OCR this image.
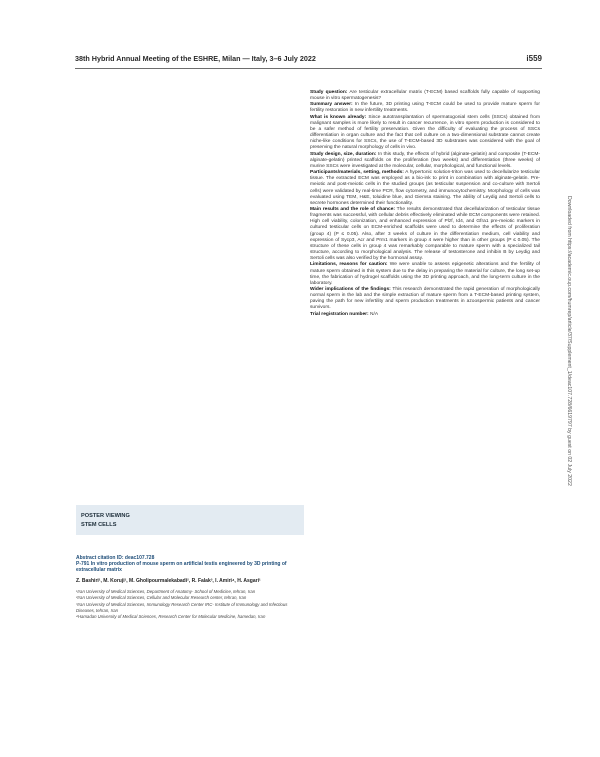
38th Hybrid Annual Meeting of the ESHRE, Milan — Italy, 3–6 July 2022	i559

Study question: Are testicular extracellular matrix (T-ECM) based scaffolds fully capable of supporting mouse in vitro spermatogenesis?

Summary answer: In the future, 3D printing using T-ECM could be used to provide mature sperm for fertility restoration in new infertility treatments.

What is known already: Since autotransplantation of spermatogonial stem cells (SSCs) obtained from malignant samples is more likely to result in cancer recurrence, in vitro sperm production is considered to be a safer method of fertility preservation. Given the difficulty of evaluating the process of SSCs differentiation in organ culture and the fact that cell culture on a two-dimensional substrate cannot create niche-like conditions for SSCs, the use of T-ECM-based 3D substrates was considered with the goal of preserving the natural morphology of cells in vivo.

Study design, size, duration: In this study, the effects of hybrid (alginate-gelatin) and composite (T-ECM-alginate-gelatin) printed scaffolds on the proliferation (two weeks) and differentiation (three weeks) of murine SSCs were investigated at the molecular, cellular, morphological, and functional levels.

Participants/materials, setting, methods: A hypertonic solution-triton was used to decellularize testicular tissue. The extracted ECM was employed as a bio-ink to print in combination with alginate-gelatin. Pre-meiotic and post-meiotic cells in the studied groups (as testicular suspension and co-culture with Sertoli cells) were validated by real-time PCR, flow cytometry, and immunocytochemistry. Morphology of cells was evaluated using TEM, H&E, toluidine blue, and Giemsa staining. The ability of Leydig and Sertoli cells to secrete hormones determined their functionality.

Main results and the role of chance: The results demonstrated that decellularization of testicular tissue fragments was successful, with cellular debris effectively eliminated while ECM components were retained. High cell viability, colonization, and enhanced expression of Plzf, Id4, and Gfra1 pre-meiotic markers in cultured testicular cells on ECM-enriched scaffolds were used to determine the effects of proliferation (group 4) (P ≤ 0.05). Also, after 3 weeks of culture in the differentiation medium, cell viability and expression of Sycp3, Acr and Prm1 markers in group 4 were higher than in other groups (P ≤ 0.05). The structure of these cells in group 4 was remarkably comparable to mature sperm with a specialized tail structure, according to morphological analysis. The release of testosterone and inhibin B by Leydig and Sertoli cells was also verified by the hormonal assay.

Limitations, reasons for caution: We were unable to assess epigenetic alterations and the fertility of mature sperm obtained in this system due to the delay in preparing the material for culture, the long set-up time, the fabrication of hydrogel scaffolds using the 3D printing approach, and the long-term culture in the laboratory.

Wider implications of the findings: This research demonstrated the rapid generation of morphologically normal sperm in the lab and the simple extraction of mature sperm from a T-ECM-based printing system, paving the path for new infertility and sperm production treatments in azoospermic patients and cancer survivors.

Trial registration number: N/A

POSTER VIEWING
STEM CELLS
Abstract citation ID: deac107.728
P-791 In vitro production of mouse sperm on artificial testis engineered by 3D printing of extracellular matrix
Z. Bashiri¹, M. Koruji¹, M. Gholipourmalekabadi², R. Falak³, I. Amiri⁴, H. Asgari¹
¹Iran University of Medical Sciences, Department of Anatomy- School of Medicine, tehran, Iran
²Iran University of Medical Sciences, Cellular and Molecular Research center, tehran, Iran
³Iran University of Medical Sciences, Immunology Research Center IRC- Institute of Immunology and Infectious Diseases, tehran, Iran
⁴Hamadan University of Medical Sciences, Research Center for Molecular Medicine, hamedan, Iran
Downloaded from https://academic.oup.com/humrep/article/37/Supplement_1/deac107.728/6619797 by guest on 02 July 2022
